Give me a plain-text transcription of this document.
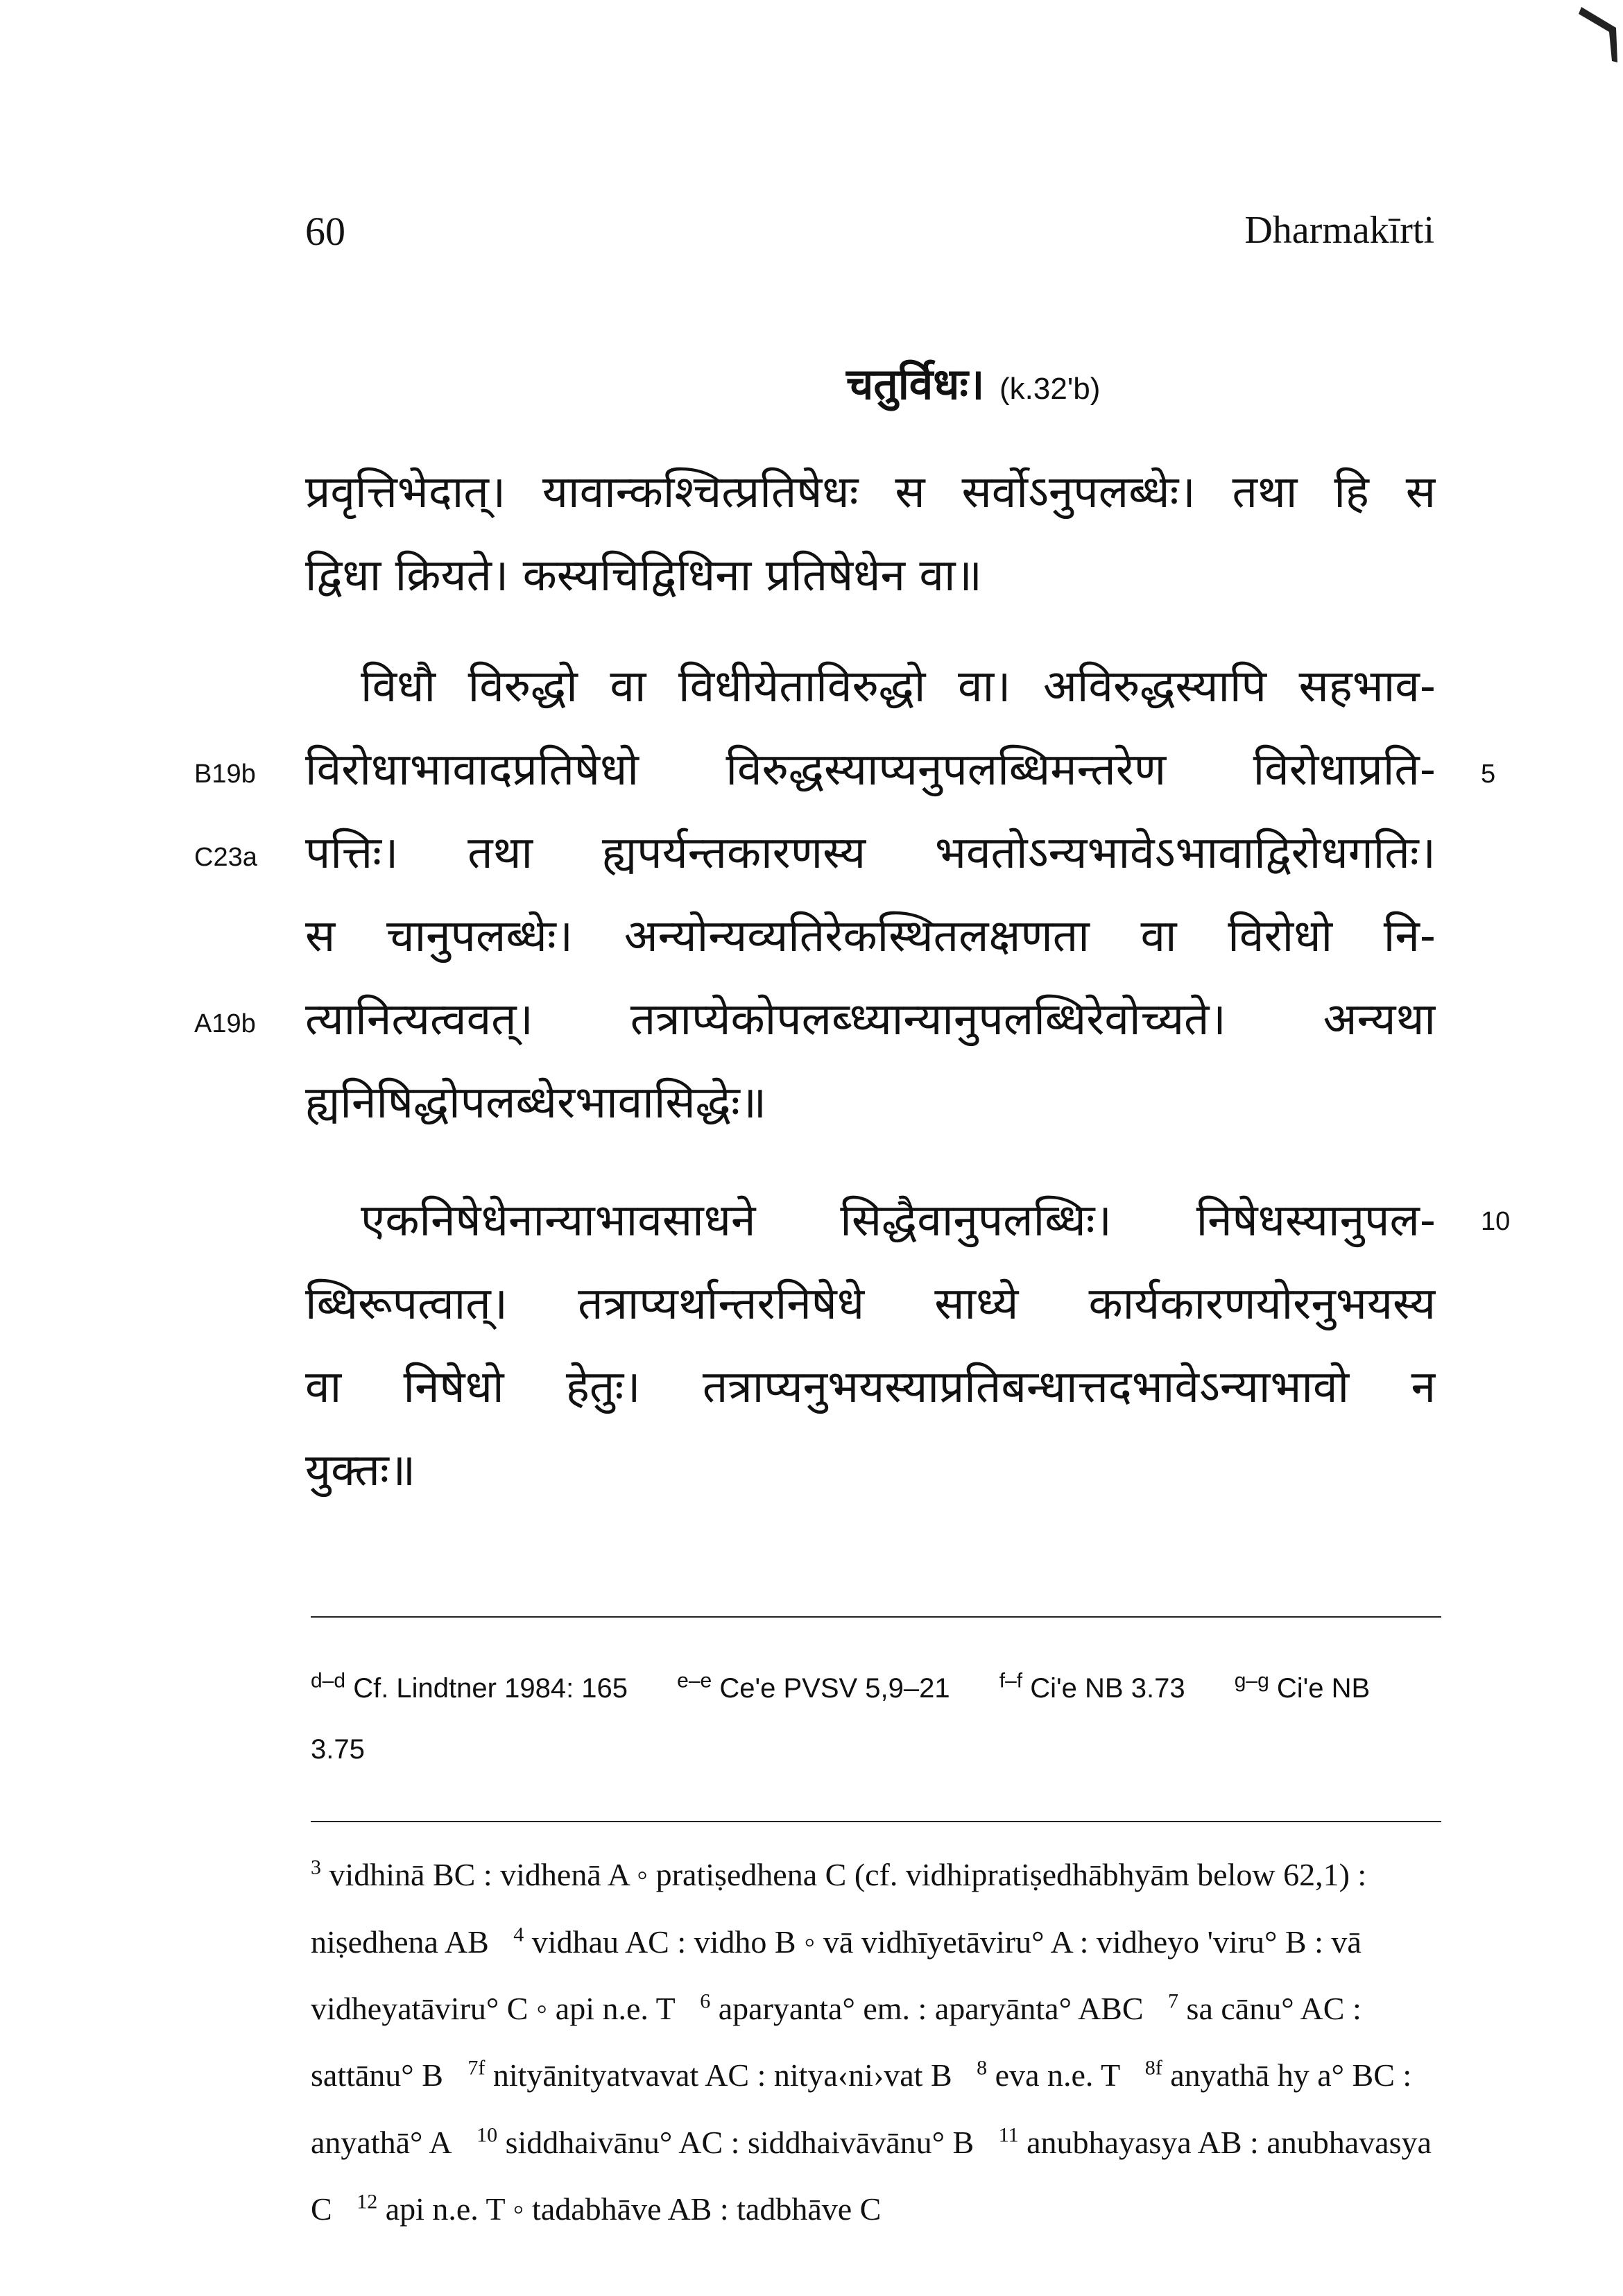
60	Dharmakīrti
चतुर्विधः। (k.32'b)
प्रवृत्तिभेदात्। यावान्कश्चित्प्रतिषेधः स सर्वोऽनुपलब्धेः। तथा हि स
द्विधा क्रियते। कस्यचिद्विधिना प्रतिषेधेन वा॥
विधौ विरुद्धो वा विधीयेताविरुद्धो वा। अविरुद्धस्यापि सहभाव-
विरोधाभावादप्रतिषेधो विरुद्धस्याप्यनुपलब्धिमन्तरेण विरोधाप्रति-
पत्तिः। तथा ह्यपर्यन्तकारणस्य भवतोऽन्यभावेऽभावाद्विरोधगतिः।
स चानुपलब्धेः। अन्योन्यव्यतिरेकस्थितलक्षणता वा विरोधो नि-
त्यानित्यत्ववत्। तत्राप्येकोपलब्ध्यान्यानुपलब्धिरेवोच्यते। अन्यथा
ह्यनिषिद्धोपलब्धेरभावासिद्धेः॥
एकनिषेधेनान्याभावसाधने सिद्धैवानुपलब्धिः। निषेधस्यानुपल-
ब्धिरूपत्वात्। तत्राप्यर्थान्तरनिषेधे साध्ये कार्यकारणयोरनुभयस्य
वा निषेधो हेतुः। तत्राप्यनुभयस्याप्रतिबन्धात्तदभावेऽन्याभावो न
युक्तः॥
B19b
C23a
A19b
5
10
$^{d-d}$ Cf. Lindtner 1984: 165 $^{e-e}$ Ce'e PVSV 5,9–21 $^{f-f}$ Ci'e NB 3.73 $^{g-g}$ Ci'e NB 3.75
$^3$ vidhinā BC : vidhenā A ◦ pratiṣedhena C (cf. vidhipratiṣedhābhyām below 62,1) : niṣedhena AB $^4$ vidhau AC : vidho B ◦ vā vidhīyetāviru° A : vidheyo 'viru° B : vā vidheyatāviru° C ◦ api n.e. T $^6$ aparyanta° em. : aparyānta° ABC $^7$ sa cānu° AC : sattānu° B $^{7f}$ nityānityatvavat AC : nitya‹ni›vat B $^8$ eva n.e. T $^{8f}$ anyathā hy a° BC : anyathā° A $^{10}$ siddhaivānu° AC : siddhaivāvānu° B $^{11}$ anubhayasya AB : anubhavasya C $^{12}$ api n.e. T ◦ tadabhāve AB : tadbhāve C
